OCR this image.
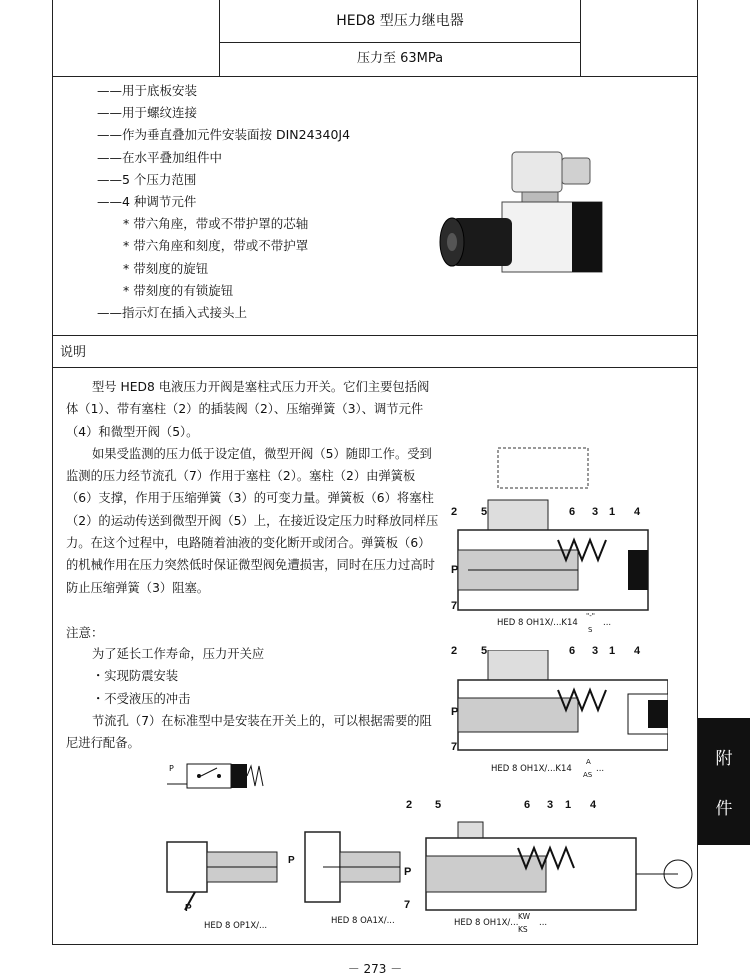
HED8 型压力继电器
压力至 63MPa
——用于底板安装
——用于螺纹连接
——作为垂直叠加元件安装面按 DIN24340J4
——在水平叠加组件中
——5 个压力范围
——4 种调节元件
* 带六角座，带或不带护罩的芯轴
* 带六角座和刻度，带或不带护罩
* 带刻度的旋钮
* 带刻度的有锁旋钮
——指示灯在插入式接头上
说明

型号 HED8 电液压力开阀是塞柱式压力开关。它们主要包括阀体（1）、带有塞柱（2）的插装阀（2）、压缩弹簧（3）、调节元件（4）和微型开阀（5）。

如果受监测的压力低于设定值，微型开阀（5）随即工作。受到监测的压力经节流孔（7）作用于塞柱（2）。塞柱（2）由弹簧板（6）支撑，作用于压缩弹簧（3）的可变力量。弹簧板（6）将塞柱（2）的运动传送到微型开阀（5）上，在接近设定压力时释放同样压力。在这个过程中，电路随着油液的变化断开或闭合。弹簧板（6）的机械作用在压力突然低时保证微型阀免遭损害，同时在压力过高时防止压缩弹簧（3）阻塞。

注意：

为了延长工作寿命，压力开关应

・实现防震安装

・不受液压的冲击

节流孔（7）在标准型中是安装在开关上的，可以根据需要的阻尼进行配备。

2 5	6 3 1 4
P
7
HED 8 OH1X/...K14
"-"
S
...
2 5	6 3 1 4
P
7
HED 8 OH1X/...K14
A
AS
...
P
P
HED 8 OP1X/...
P
HED 8 OA1X/...
2 5	6 3 1 4
P
7
HED 8 OH1X/...
KW
KS
...
附
件
－ 273 －
